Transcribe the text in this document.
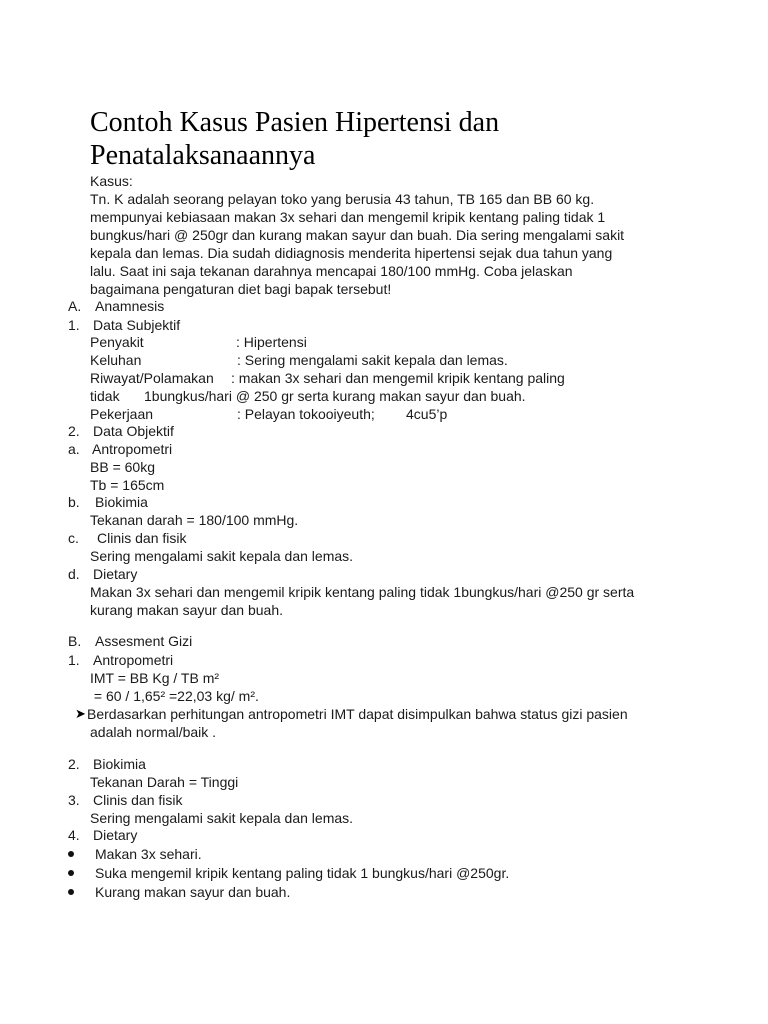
Contoh Kasus Pasien Hipertensi dan
Penatalaksanaannya
Kasus:
Tn. K adalah seorang pelayan toko yang berusia 43 tahun, TB 165 dan BB 60 kg.
mempunyai kebiasaan makan 3x sehari dan mengemil kripik kentang paling tidak 1
bungkus/hari @ 250gr dan kurang makan sayur dan buah. Dia sering mengalami sakit
kepala dan lemas. Dia sudah didiagnosis menderita hipertensi sejak dua tahun yang
lalu. Saat ini saja tekanan darahnya mencapai 180/100 mmHg. Coba jelaskan
bagaimana pengaturan diet bagi bapak tersebut!
A. Anamnesis
1. Data Subjektif
Penyakit	: Hipertensi
Keluhan	: Sering mengalami sakit kepala dan lemas.
Riwayat/Polamakan : makan 3x sehari dan mengemil kripik kentang paling
tidak 1bungkus/hari @ 250 gr serta kurang makan sayur dan buah.
Pekerjaan	: Pelayan tokooiyeuth; 4cu5’p
2. Data Objektif
a. Antropometri
BB = 60kg
Tb = 165cm
b. Biokimia
Tekanan darah = 180/100 mmHg.
c. Clinis dan fisik
Sering mengalami sakit kepala dan lemas.
d. Dietary
Makan 3x sehari dan mengemil kripik kentang paling tidak 1bungkus/hari @250 gr serta
kurang makan sayur dan buah.
B. Assesment Gizi
1. Antropometri
IMT = BB Kg / TB m²
= 60 / 1,65² =22,03 kg/ m².
➤ Berdasarkan perhitungan antropometri IMT dapat disimpulkan bahwa status gizi pasien
adalah normal/baik .
2. Biokimia
Tekanan Darah = Tinggi
3. Clinis dan fisik
Sering mengalami sakit kepala dan lemas.
4. Dietary
Makan 3x sehari.
Suka mengemil kripik kentang paling tidak 1 bungkus/hari @250gr.
Kurang makan sayur dan buah.
